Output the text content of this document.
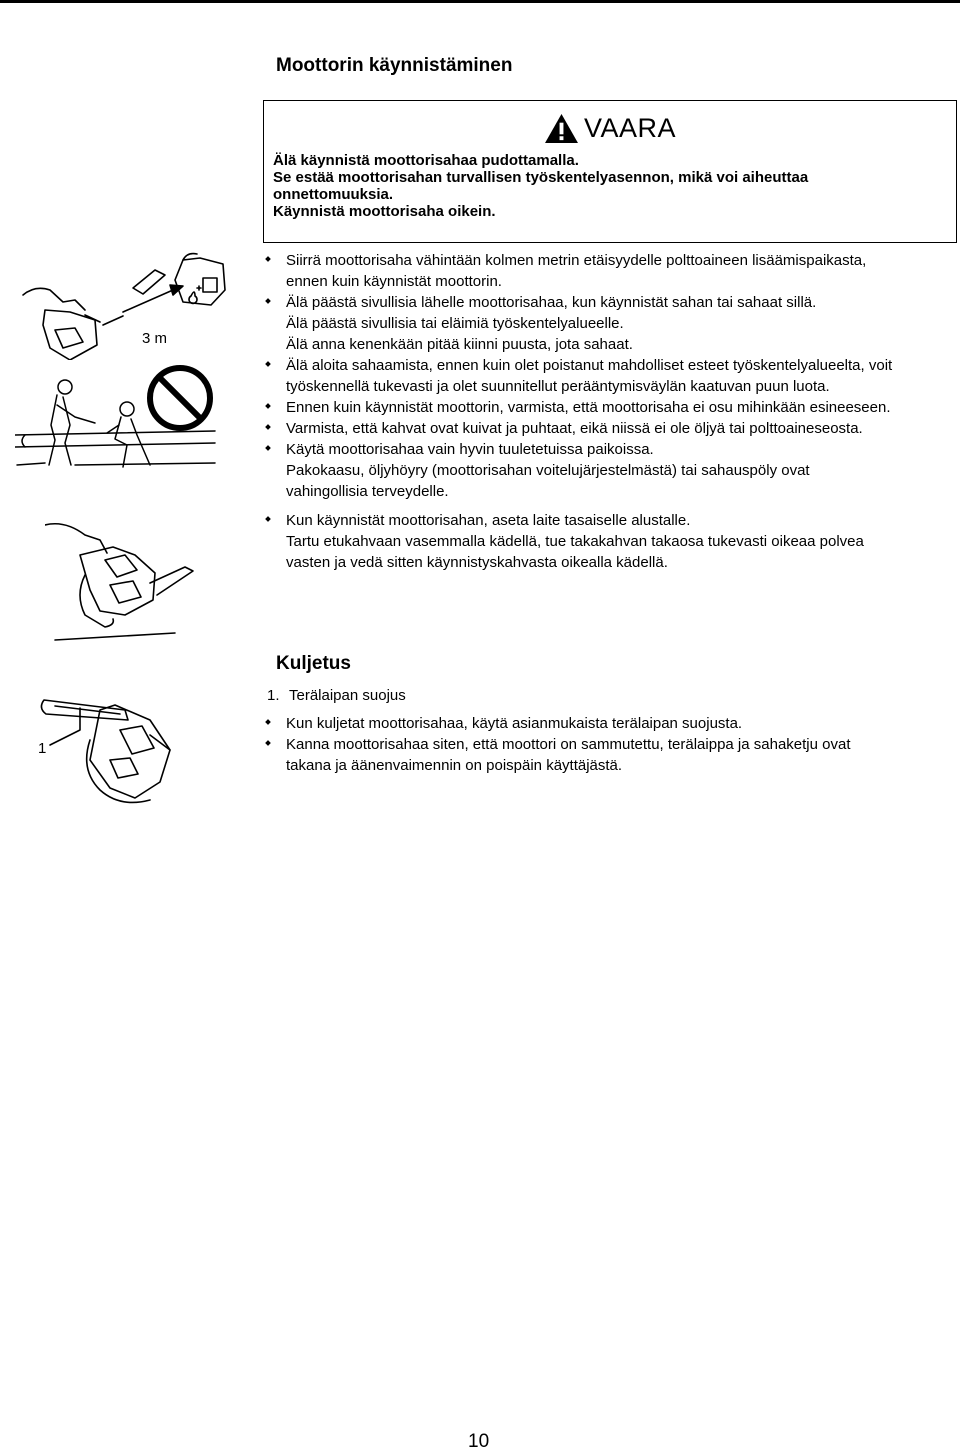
Moottorin käynnistäminen
VAARA
Älä käynnistä moottorisahaa pudottamalla.
Se estää moottorisahan turvallisen työskentelyasennon, mikä voi aiheuttaa
onnettomuuksia.
Käynnistä moottorisaha oikein.
Siirrä moottorisaha vähintään kolmen metrin etäisyydelle polttoaineen lisäämispaikasta,
ennen kuin käynnistät moottorin.
Älä päästä sivullisia lähelle moottorisahaa, kun käynnistät sahan tai sahaat sillä.
Älä päästä sivullisia tai eläimiä työskentelyalueelle.
Älä anna kenenkään pitää kiinni puusta, jota sahaat.
Älä aloita sahaamista, ennen kuin olet poistanut mahdolliset esteet työskentelyalueelta, voit
työskennellä tukevasti ja olet suunnitellut perääntymisväylän kaatuvan puun luota.
Ennen kuin käynnistät moottorin, varmista, että moottorisaha ei osu mihinkään esineeseen.
Varmista, että kahvat ovat kuivat ja puhtaat, eikä niissä ei ole öljyä tai polttoaineseosta.
Käytä moottorisahaa vain hyvin tuuletetuissa paikoissa.
Pakokaasu, öljyhöyry (moottorisahan voitelujärjestelmästä) tai sahauspöly ovat
vahingollisia terveydelle.
Kun käynnistät moottorisahan, aseta laite tasaiselle alustalle.
Tartu etukahvaan vasemmalla kädellä, tue takakahvan takaosa tukevasti oikeaa polvea
vasten ja vedä sitten käynnistyskahvasta oikealla kädellä.
3 m
Kuljetus
1. Terälaipan suojus
Kun kuljetat moottorisahaa, käytä asianmukaista terälaipan suojusta.
Kanna moottorisahaa siten, että moottori on sammutettu, terälaippa ja sahaketju ovat
takana ja äänenvaimennin on poispäin käyttäjästä.
1
10
